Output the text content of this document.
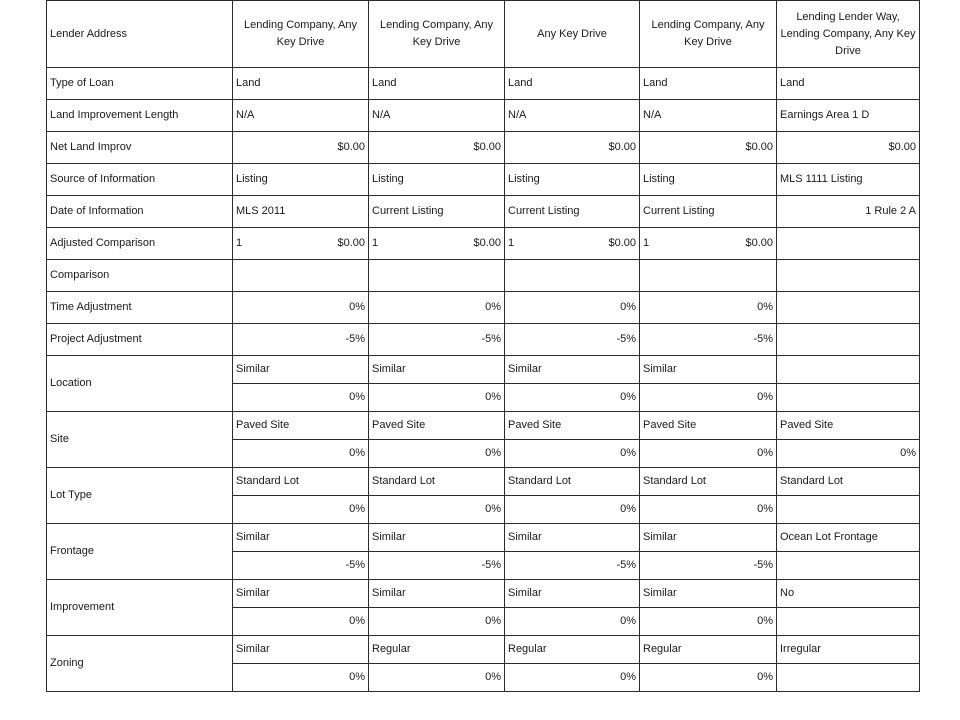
Lender Address	Lending Company, Any Key Drive	Lending Company, Any Key Drive	Any Key Drive	Lending Company, Any Key Drive	Lending Lender Way, Lending Company, Any Key Drive
Type of Loan	Land	Land	Land	Land	Land
Land Improvement Length	N/A	N/A	N/A	N/A	Earnings Area 1 D
Net Land Improv	$0.00	$0.00	$0.00	$0.00	$0.00
Source of Information	Listing	Listing	Listing	Listing	MLS 1111 Listing
Date of Information	MLS 2011	Current Listing	Current Listing	Current Listing	1 Rule 2 A
Adjusted Comparison	1 $0.00	1 $0.00	1 $0.00	1 $0.00	

Comparison					
Time Adjustment	0%	0%	0%	0%	
Project Adjustment	-5%	-5%	-5%	-5%	
Location	Similar	Similar	Similar	Similar	
	0%	0%	0%	0%	
Site	Paved Site	Paved Site	Paved Site	Paved Site	Paved Site
	0%	0%	0%	0%	0%
Lot Type	Standard Lot	Standard Lot	Standard Lot	Standard Lot	Standard Lot
	0%	0%	0%	0%	
Frontage	Similar	Similar	Similar	Similar	Ocean Lot Frontage
	-5%	-5%	-5%	-5%	
Improvement	Similar	Similar	Similar	Similar	No
	0%	0%	0%	0%	
Zoning	Similar	Regular	Regular	Regular	Irregular
	0%	0%	0%	0%	
